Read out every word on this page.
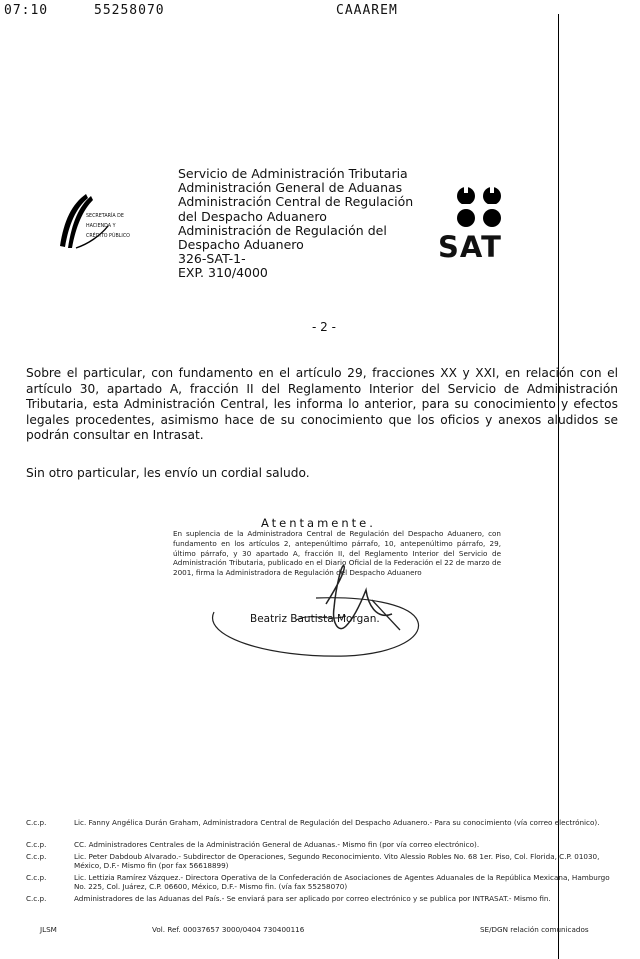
07:10	55258070	CAAAREM
SECRETARÍA DE
HACIENDA Y
CRÉDITO PÚBLICO
Servicio de Administración Tributaria
Administración General de Aduanas
Administración Central de Regulación
del Despacho Aduanero
Administración de Regulación del
Despacho Aduanero
326-SAT-1-
EXP. 310/4000
SAT
- 2 -
Sobre el particular, con fundamento en el artículo 29, fracciones XX y XXI, en relación con el artículo 30, apartado A, fracción II del Reglamento Interior del Servicio de Administración Tributaria, esta Administración Central, les informa lo anterior, para su conocimiento y efectos legales procedentes, asimismo hace de su conocimiento que los oficios y anexos aludidos se podrán consultar en Intrasat.
Sin otro particular, les envío un cordial saludo.
Atentamente.
En suplencia de la Administradora Central de Regulación del Despacho Aduanero, con fundamento en los artículos 2, antepenúltimo párrafo, 10, antepenúltimo párrafo, 29, último párrafo, y 30 apartado A, fracción II, del Reglamento Interior del Servicio de Administración Tributaria, publicado en el Diario Oficial de la Federación el 22 de marzo de 2001, firma la Administradora de Regulación del Despacho Aduanero
Beatriz Bautista Morgan.
C.c.p.	Lic. Fanny Angélica Durán Graham, Administradora Central de Regulación del Despacho Aduanero.- Para su conocimiento (vía correo electrónico).
C.c.p.	CC. Administradores Centrales de la Administración General de Aduanas.- Mismo fin (por vía correo electrónico).
C.c.p.	Lic. Peter Dabdoub Alvarado.- Subdirector de Operaciones, Segundo Reconocimiento. Vito Alessio Robles No. 68 1er. Piso, Col. Florida, C.P. 01030, México, D.F.- Mismo fin (por fax 56618899)
C.c.p.	Lic. Lettizia Ramírez Vázquez.- Directora Operativa de la Confederación de Asociaciones de Agentes Aduanales de la República Mexicana, Hamburgo No. 225, Col. Juárez, C.P. 06600, México, D.F.- Mismo fin. (vía fax 55258070)
C.c.p.	Administradores de las Aduanas del País.- Se enviará para ser aplicado por correo electrónico y se publica por INTRASAT.- Mismo fin.
JLSM	Vol. Ref. 00037657 3000/0404 730400116	SE/DGN relación comunicados
